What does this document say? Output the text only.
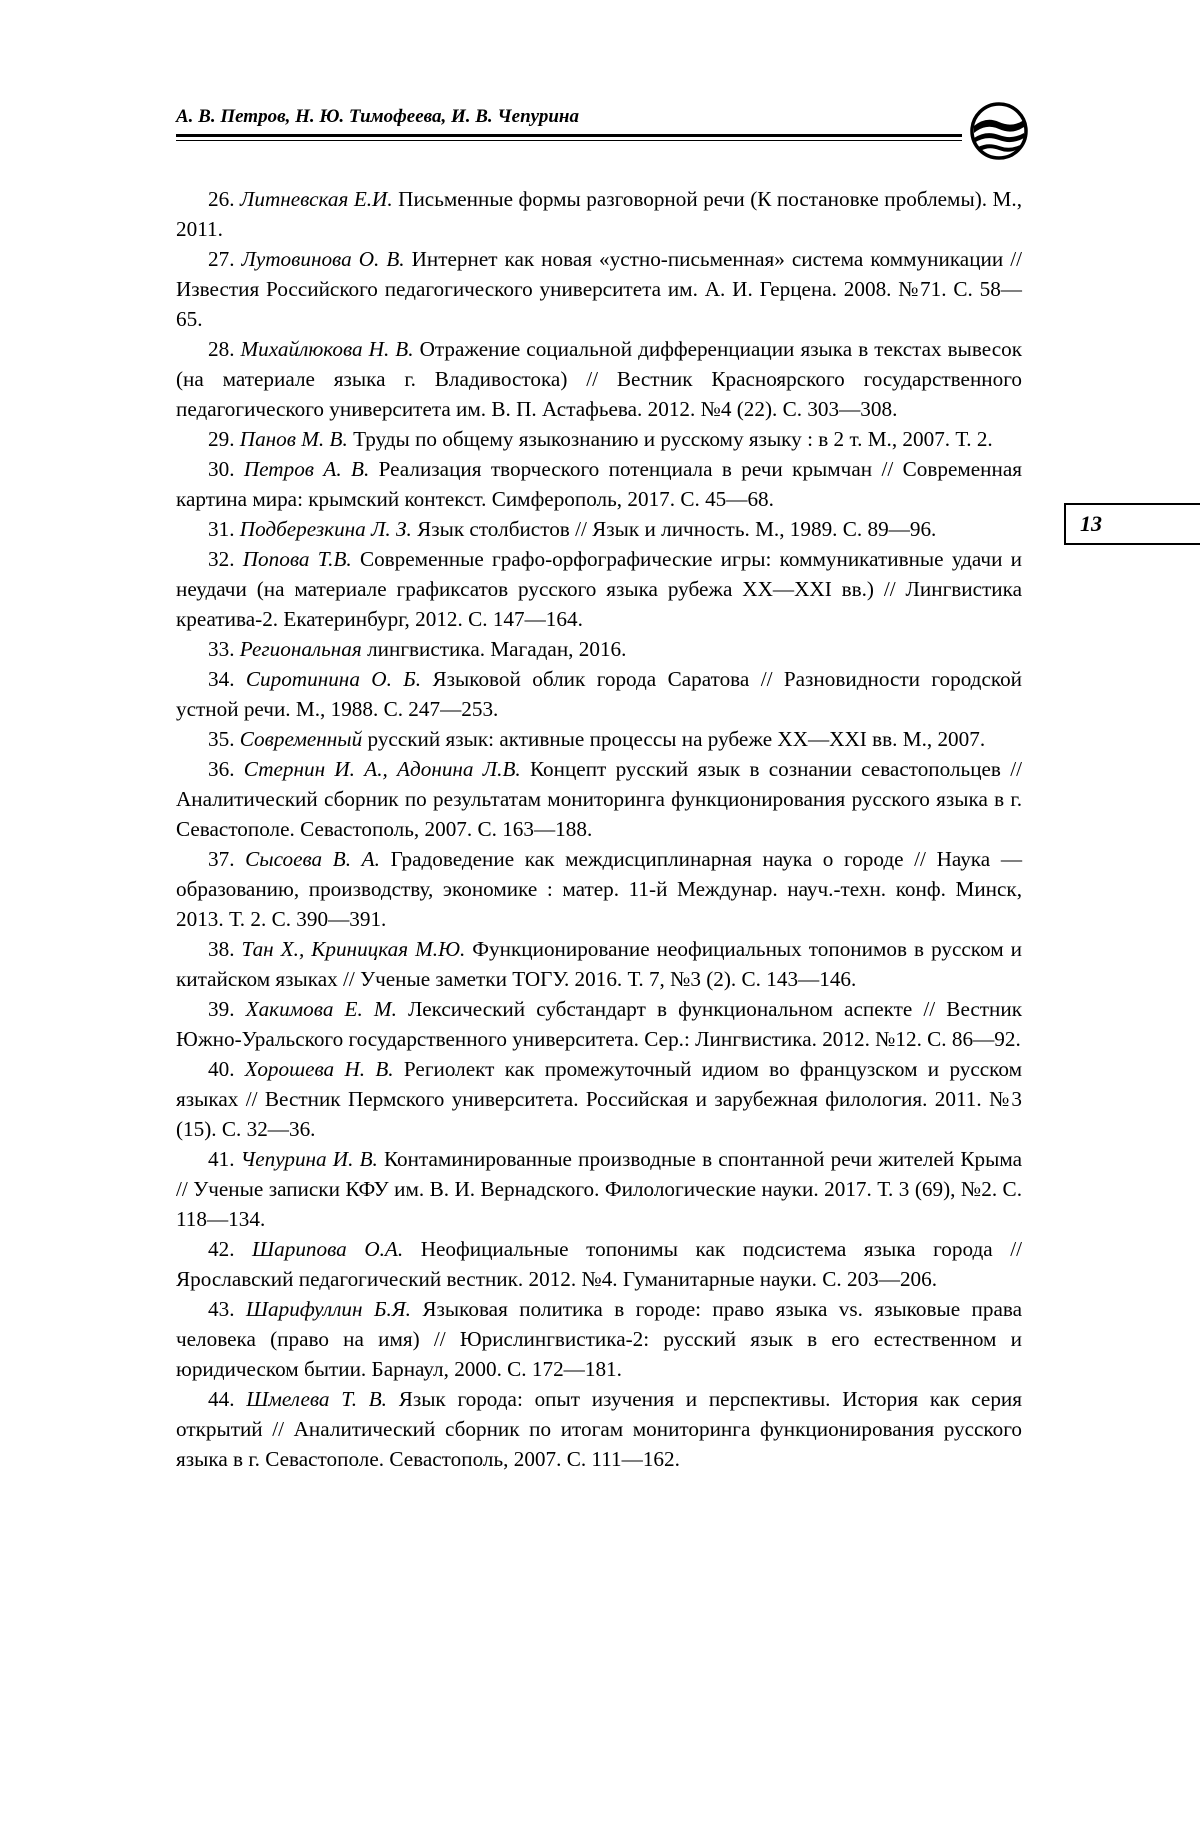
А. В. Петров, Н. Ю. Тимофеева, И. В. Чепурина
13

26. Литневская Е.И. Письменные формы разговорной речи (К постановке проблемы). М., 2011.

27. Лутовинова О. В. Интернет как новая «устно-письменная» система коммуникации // Известия Российского педагогического университета им. А. И. Герцена. 2008. №71. С. 58—65.

28. Михайлюкова Н. В. Отражение социальной дифференциации языка в текстах вывесок (на материале языка г. Владивостока) // Вестник Красноярского государственного педагогического университета им. В. П. Астафьева. 2012. №4 (22). С. 303—308.

29. Панов М. В. Труды по общему языкознанию и русскому языку : в 2 т. М., 2007. Т. 2.

30. Петров А. В. Реализация творческого потенциала в речи крымчан // Современная картина мира: крымский контекст. Симферополь, 2017. С. 45—68.

31. Подберезкина Л. З. Язык столбистов // Язык и личность. М., 1989. С. 89—96.

32. Попова Т.В. Современные графо-орфографические игры: коммуникативные удачи и неудачи (на материале графиксатов русского языка рубежа XX—XXI вв.) // Лингвистика креатива-2. Екатеринбург, 2012. С. 147—164.

33. Региональная лингвистика. Магадан, 2016.

34. Сиротинина О. Б. Языковой облик города Саратова // Разновидности городской устной речи. М., 1988. С. 247—253.

35. Современный русский язык: активные процессы на рубеже XX—XXI вв. М., 2007.

36. Стернин И. А., Адонина Л.В. Концепт русский язык в сознании севастопольцев // Аналитический сборник по результатам мониторинга функционирования русского языка в г. Севастополе. Севастополь, 2007. С. 163—188.

37. Сысоева В. А. Градоведение как междисциплинарная наука о городе // Наука — образованию, производству, экономике : матер. 11-й Междунар. науч.-техн. конф. Минск, 2013. Т. 2. С. 390—391.

38. Тан Х., Криницкая М.Ю. Функционирование неофициальных топонимов в русском и китайском языках // Ученые заметки ТОГУ. 2016. Т. 7, №3 (2). С. 143—146.

39. Хакимова Е. М. Лексический субстандарт в функциональном аспекте // Вестник Южно-Уральского государственного университета. Сер.: Лингвистика. 2012. №12. С. 86—92.

40. Хорошева Н. В. Региолект как промежуточный идиом во французском и русском языках // Вестник Пермского университета. Российская и зарубежная филология. 2011. №3 (15). С. 32—36.

41. Чепурина И. В. Контаминированные производные в спонтанной речи жителей Крыма // Ученые записки КФУ им. В. И. Вернадского. Филологические науки. 2017. Т. 3 (69), №2. С. 118—134.

42. Шарипова О.А. Неофициальные топонимы как подсистема языка города // Ярославский педагогический вестник. 2012. №4. Гуманитарные науки. С. 203—206.

43. Шарифуллин Б.Я. Языковая политика в городе: право языка vs. языковые права человека (право на имя) // Юрислингвистика-2: русский язык в его естественном и юридическом бытии. Барнаул, 2000. С. 172—181.

44. Шмелева Т. В. Язык города: опыт изучения и перспективы. История как серия открытий // Аналитический сборник по итогам мониторинга функционирования русского языка в г. Севастополе. Севастополь, 2007. С. 111—162.
